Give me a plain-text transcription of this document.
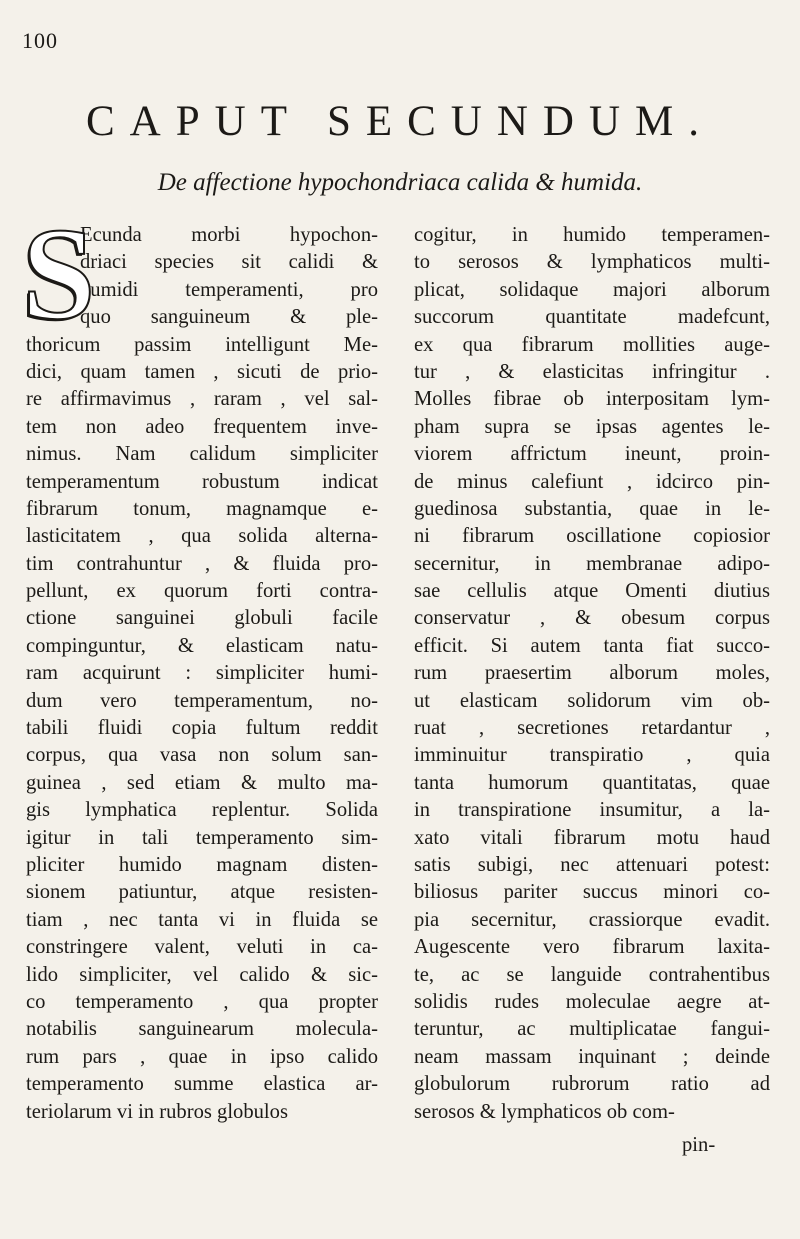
100
CAPUT SECUNDUM.
De affectione hypochondriaca calida & humida.
S
Ecunda morbi hypochon-
driaci species sit calidi &
humidi temperamenti, pro
quo sanguineum & ple-
thoricum passim intelligunt Me-
dici, quam tamen , sicuti de prio-
re affirmavimus , raram , vel sal-
tem non adeo frequentem inve-
nimus. Nam calidum simpliciter
temperamentum robustum indicat
fibrarum tonum, magnamque e-
lasticitatem , qua solida alterna-
tim contrahuntur , & fluida pro-
pellunt, ex quorum forti contra-
ctione sanguinei globuli facile
compinguntur, & elasticam natu-
ram acquirunt : simpliciter humi-
dum vero temperamentum, no-
tabili fluidi copia fultum reddit
corpus, qua vasa non solum san-
guinea , sed etiam & multo ma-
gis lymphatica replentur. Solida
igitur in tali temperamento sim-
pliciter humido magnam disten-
sionem patiuntur, atque resisten-
tiam , nec tanta vi in fluida se
constringere valent, veluti in ca-
lido simpliciter, vel calido & sic-
co temperamento , qua propter
notabilis sanguinearum molecula-
rum pars , quae in ipso calido
temperamento summe elastica ar-
teriolarum vi in rubros globulos
cogitur, in humido temperamen-
to serosos & lymphaticos multi-
plicat, solidaque majori alborum
succorum quantitate madefcunt,
ex qua fibrarum mollities auge-
tur , & elasticitas infringitur .
Molles fibrae ob interpositam lym-
pham supra se ipsas agentes le-
viorem affrictum ineunt, proin-
de minus calefiunt , idcirco pin-
guedinosa substantia, quae in le-
ni fibrarum oscillatione copiosior
secernitur, in membranae adipo-
sae cellulis atque Omenti diutius
conservatur , & obesum corpus
efficit. Si autem tanta fiat succo-
rum praesertim alborum moles,
ut elasticam solidorum vim ob-
ruat , secretiones retardantur ,
imminuitur transpiratio , quia
tanta humorum quantitatas, quae
in transpiratione insumitur, a la-
xato vitali fibrarum motu haud
satis subigi, nec attenuari potest:
biliosus pariter succus minori co-
pia secernitur, crassiorque evadit.
Augescente vero fibrarum laxita-
te, ac se languide contrahentibus
solidis rudes moleculae aegre at-
teruntur, ac multiplicatae fangui-
neam massam inquinant ; deinde
globulorum rubrorum ratio ad
serosos & lymphaticos ob com-
pin-
